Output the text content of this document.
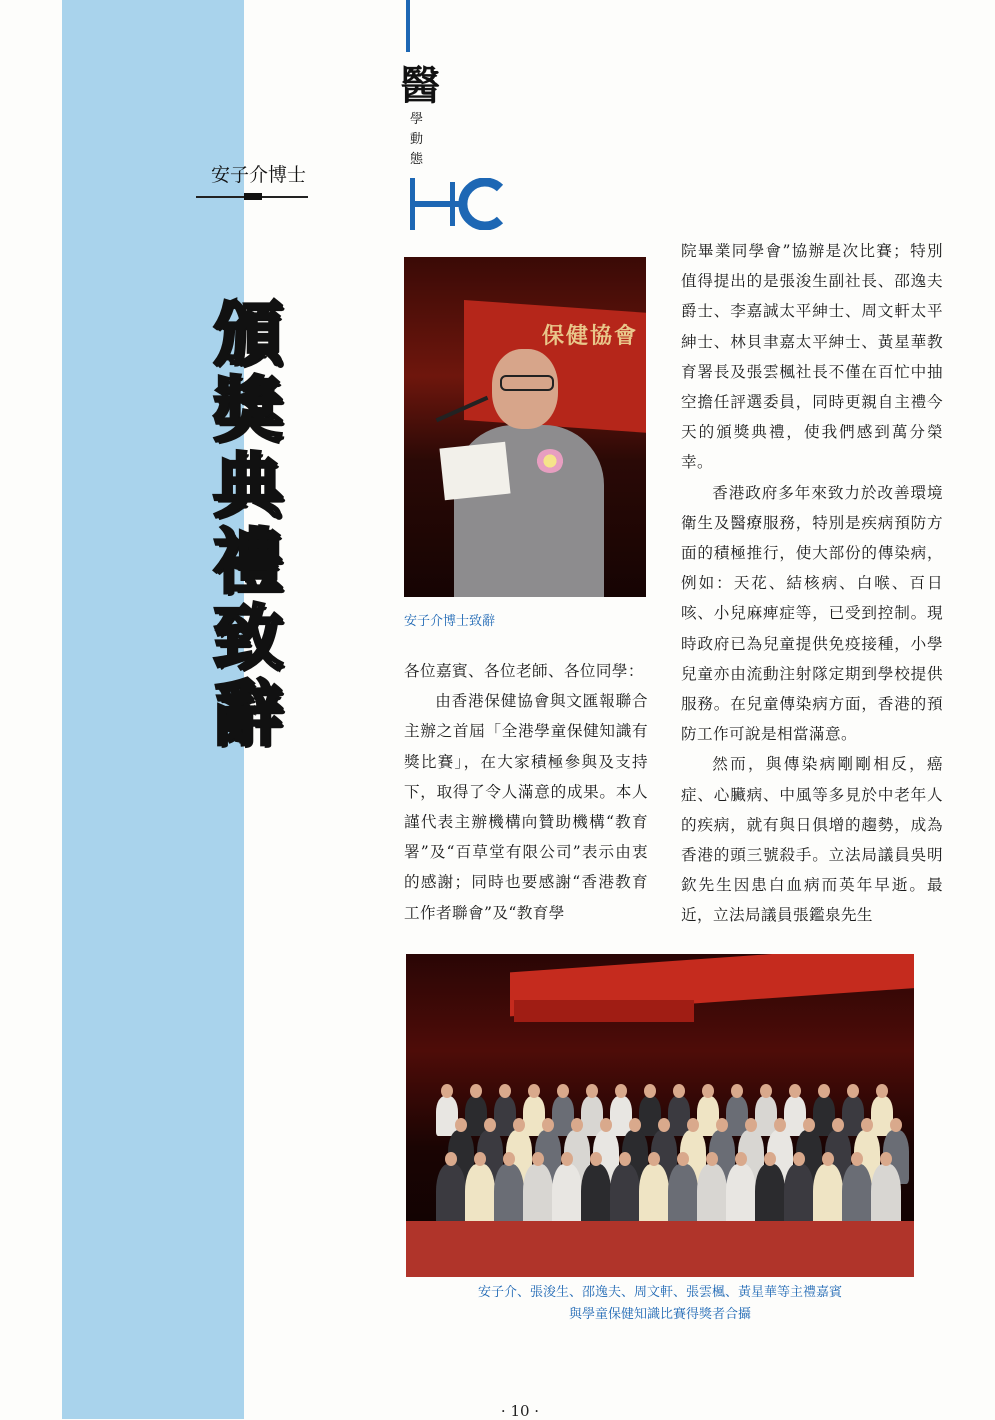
安子介博士
頒
獎
典
禮
致
辭
醫
學動態
保健協會
安子介博士致辭

各位嘉賓、各位老師、各位同學：

由香港保健協會與文匯報聯合主辦之首屆「全港學童保健知識有獎比賽」，在大家積極參與及支持下，取得了令人滿意的成果。本人謹代表主辦機構向贊助機構“教育署”及“百草堂有限公司”表示由衷的感謝；同時也要感謝“香港教育工作者聯會”及“教育學

院畢業同學會”協辦是次比賽；特別值得提出的是張浚生副社長、邵逸夫爵士、李嘉誠太平紳士、周文軒太平紳士、林貝聿嘉太平紳士、黃星華教育署長及張雲楓社長不僅在百忙中抽空擔任評選委員，同時更親自主禮今天的頒獎典禮，使我們感到萬分榮幸。

香港政府多年來致力於改善環境衛生及醫療服務，特別是疾病預防方面的積極推行，使大部份的傳染病，例如：天花、結核病、白喉、百日咳、小兒麻痺症等，已受到控制。現時政府已為兒童提供免疫接種，小學兒童亦由流動注射隊定期到學校提供服務。在兒童傳染病方面，香港的預防工作可說是相當滿意。

然而，與傳染病剛剛相反，癌症、心臟病、中風等多見於中老年人的疾病，就有與日俱增的趨勢，成為香港的頭三號殺手。立法局議員吳明欽先生因患白血病而英年早逝。最近，立法局議員張鑑泉先生

安子介、張浚生、邵逸夫、周文軒、張雲楓、黃星華等主禮嘉賓
與學童保健知識比賽得獎者合攝
· 10 ·
